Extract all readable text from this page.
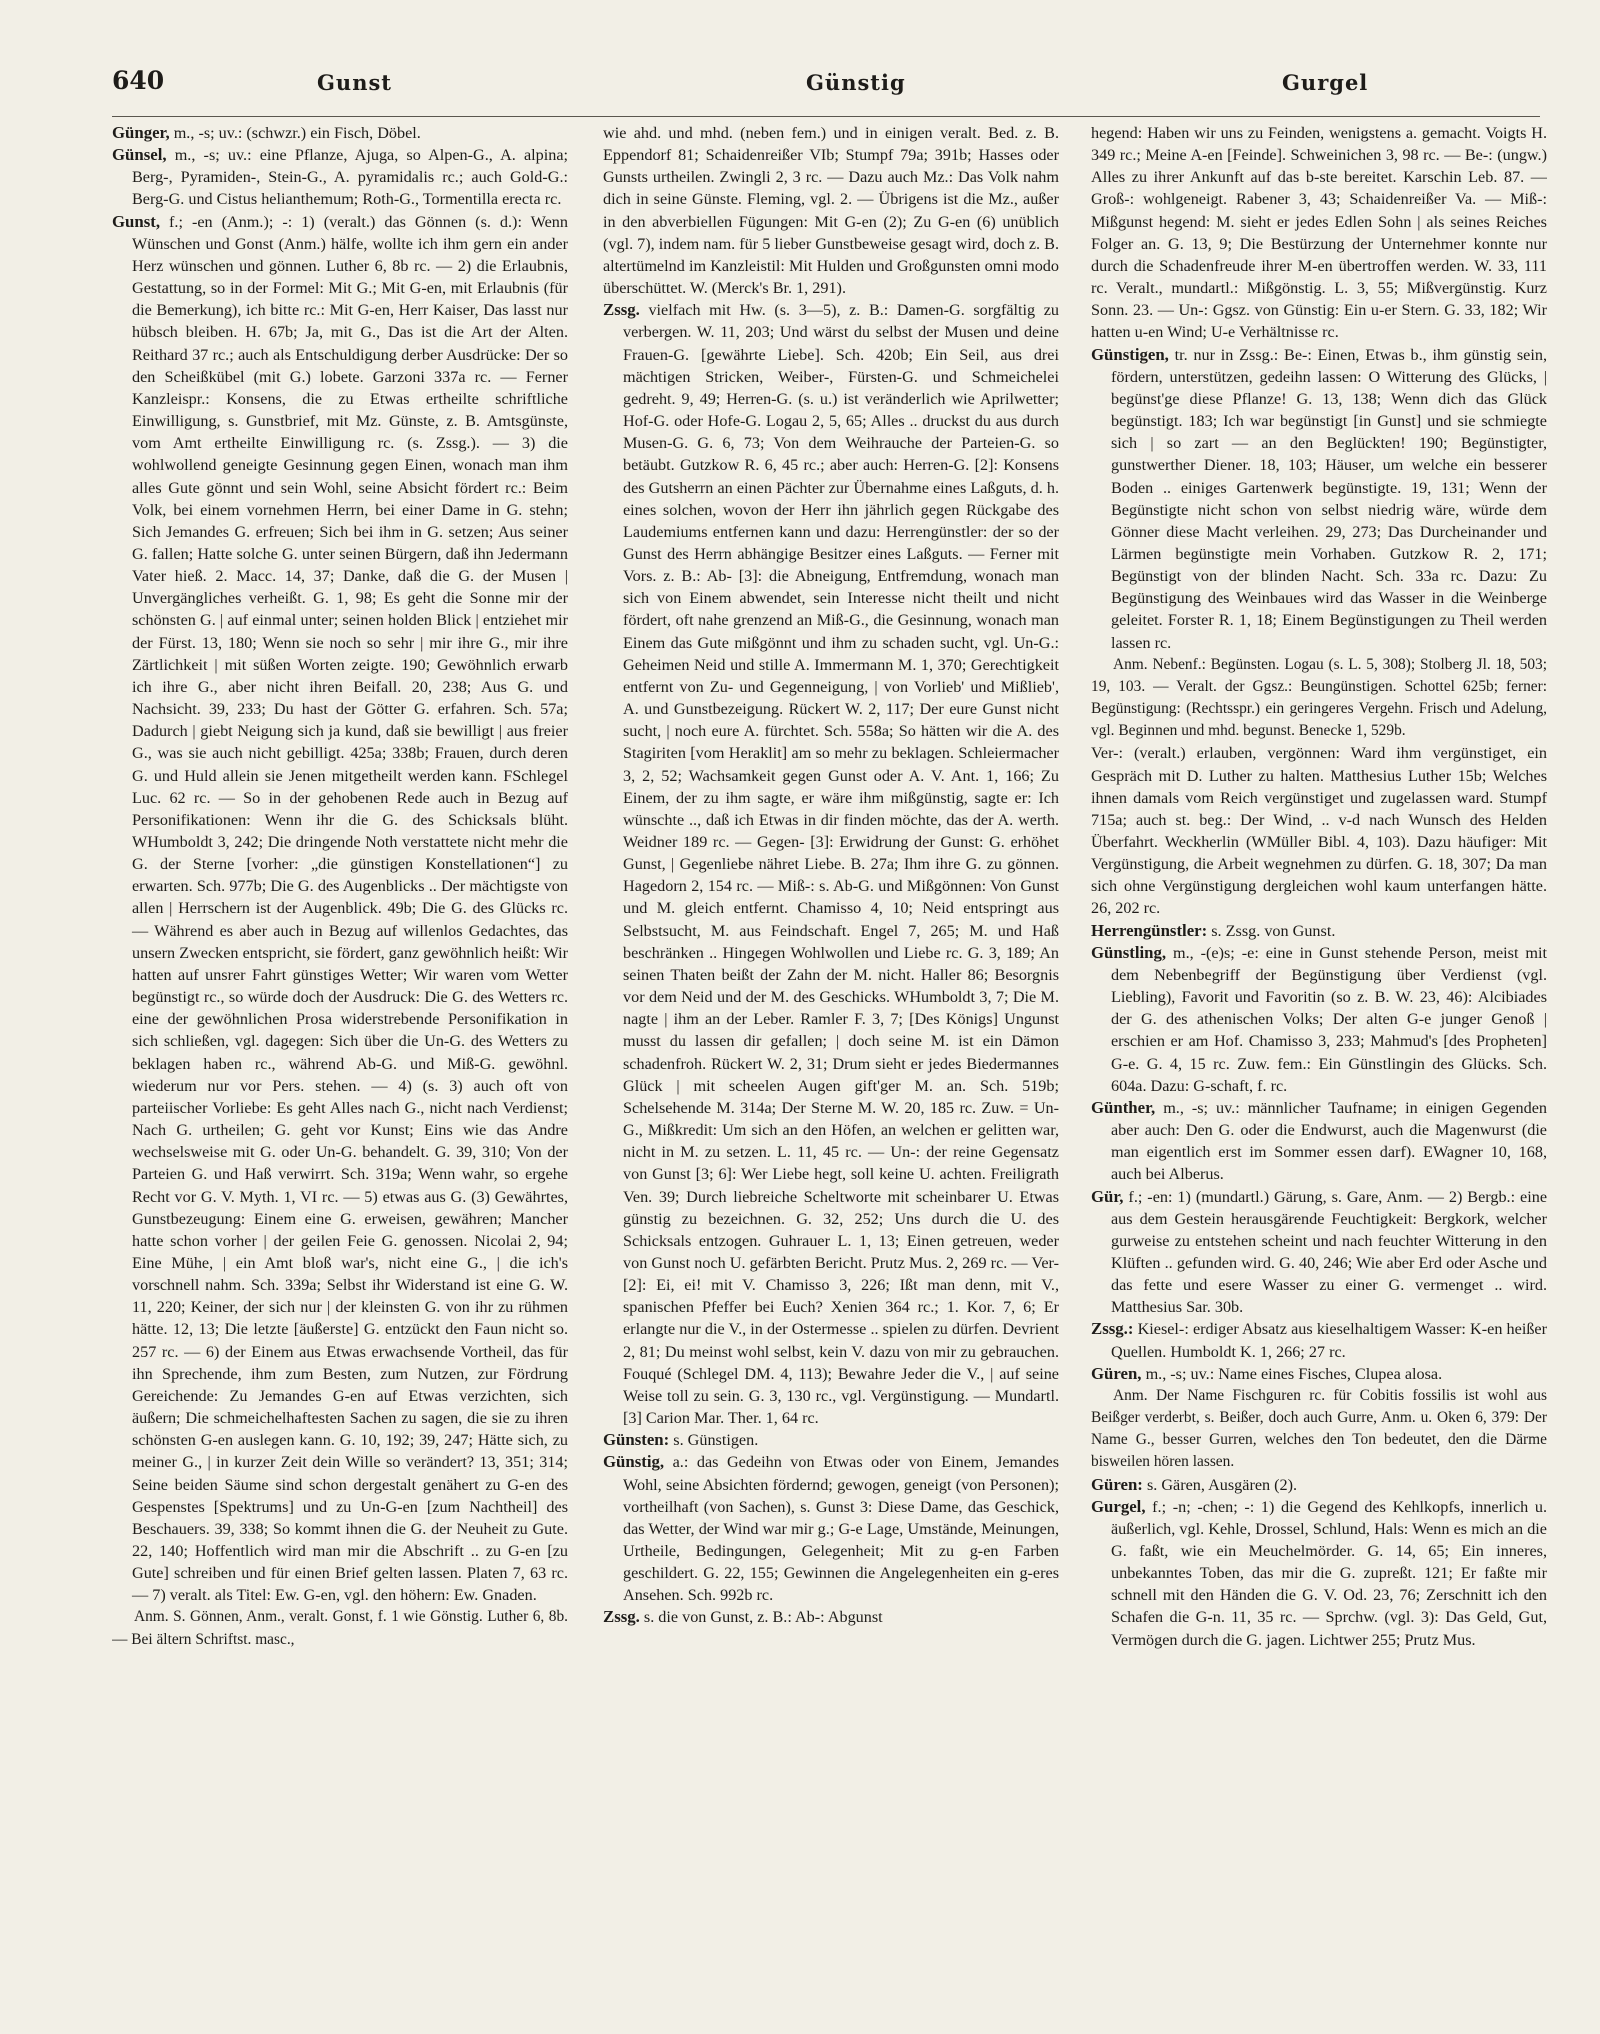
640	Gunst	Günstig	Gurgel

Günger, m., -s; uv.: (schwzr.) ein Fisch, Döbel.

Günsel, m., -s; uv.: eine Pflanze, Ajuga, so Alpen-G., A. alpina; Berg-, Pyramiden-, Stein-G., A. pyramidalis rc.; auch Gold-G.: Berg-G. und Cistus helianthemum; Roth-G., Tormentilla erecta rc.

Gunst, f.; -en (Anm.); -: 1) (veralt.) das Gönnen (s. d.): Wenn Wünschen und Gonst (Anm.) hälfe, wollte ich ihm gern ein ander Herz wünschen und gönnen. Luther 6, 8b rc. — 2) die Erlaubnis, Gestattung, so in der Formel: Mit G.; Mit G-en, mit Erlaubnis (für die Bemerkung), ich bitte rc.: Mit G-en, Herr Kaiser, Das lasst nur hübsch bleiben. H. 67b; Ja, mit G., Das ist die Art der Alten. Reithard 37 rc.; auch als Entschuldigung derber Ausdrücke: Der so den Scheißkübel (mit G.) lobete. Garzoni 337a rc. — Ferner Kanzleispr.: Konsens, die zu Etwas ertheilte schriftliche Einwilligung, s. Gunstbrief, mit Mz. Günste, z. B. Amtsgünste, vom Amt ertheilte Einwilligung rc. (s. Zssg.). — 3) die wohlwollend geneigte Gesinnung gegen Einen, wonach man ihm alles Gute gönnt und sein Wohl, seine Absicht fördert rc.: Beim Volk, bei einem vornehmen Herrn, bei einer Dame in G. stehn; Sich Jemandes G. erfreuen; Sich bei ihm in G. setzen; Aus seiner G. fallen; Hatte solche G. unter seinen Bürgern, daß ihn Jedermann Vater hieß. 2. Macc. 14, 37; Danke, daß die G. der Musen | Unvergängliches verheißt. G. 1, 98; Es geht die Sonne mir der schönsten G. | auf einmal unter; seinen holden Blick | entziehet mir der Fürst. 13, 180; Wenn sie noch so sehr | mir ihre G., mir ihre Zärtlichkeit | mit süßen Worten zeigte. 190; Gewöhnlich erwarb ich ihre G., aber nicht ihren Beifall. 20, 238; Aus G. und Nachsicht. 39, 233; Du hast der Götter G. erfahren. Sch. 57a; Dadurch | giebt Neigung sich ja kund, daß sie bewilligt | aus freier G., was sie auch nicht gebilligt. 425a; 338b; Frauen, durch deren G. und Huld allein sie Jenen mitgetheilt werden kann. FSchlegel Luc. 62 rc. — So in der gehobenen Rede auch in Bezug auf Personifikationen: Wenn ihr die G. des Schicksals blüht. WHumboldt 3, 242; Die dringende Noth verstattete nicht mehr die G. der Sterne [vorher: „die günstigen Konstellationen“] zu erwarten. Sch. 977b; Die G. des Augenblicks .. Der mächtigste von allen | Herrschern ist der Augenblick. 49b; Die G. des Glücks rc. — Während es aber auch in Bezug auf willenlos Gedachtes, das unsern Zwecken entspricht, sie fördert, ganz gewöhnlich heißt: Wir hatten auf unsrer Fahrt günstiges Wetter; Wir waren vom Wetter begünstigt rc., so würde doch der Ausdruck: Die G. des Wetters rc. eine der gewöhnlichen Prosa widerstrebende Personifikation in sich schließen, vgl. dagegen: Sich über die Un-G. des Wetters zu beklagen haben rc., während Ab-G. und Miß-G. gewöhnl. wiederum nur vor Pers. stehen. — 4) (s. 3) auch oft von parteiischer Vorliebe: Es geht Alles nach G., nicht nach Verdienst; Nach G. urtheilen; G. geht vor Kunst; Eins wie das Andre wechselsweise mit G. oder Un-G. behandelt. G. 39, 310; Von der Parteien G. und Haß verwirrt. Sch. 319a; Wenn wahr, so ergehe Recht vor G. V. Myth. 1, VI rc. — 5) etwas aus G. (3) Gewährtes, Gunstbezeugung: Einem eine G. erweisen, gewähren; Mancher hatte schon vorher | der geilen Feie G. genossen. Nicolai 2, 94; Eine Mühe, | ein Amt bloß war's, nicht eine G., | die ich's vorschnell nahm. Sch. 339a; Selbst ihr Widerstand ist eine G. W. 11, 220; Keiner, der sich nur | der kleinsten G. von ihr zu rühmen hätte. 12, 13; Die letzte [äußerste] G. entzückt den Faun nicht so. 257 rc. — 6) der Einem aus Etwas erwachsende Vortheil, das für ihn Sprechende, ihm zum Besten, zum Nutzen, zur Fördrung Gereichende: Zu Jemandes G-en auf Etwas verzichten, sich äußern; Die schmeichelhaftesten Sachen zu sagen, die sie zu ihren schönsten G-en auslegen kann. G. 10, 192; 39, 247; Hätte sich, zu meiner G., | in kurzer Zeit dein Wille so verändert? 13, 351; 314; Seine beiden Säume sind schon dergestalt genähert zu G-en des Gespenstes [Spektrums] und zu Un-G-en [zum Nachtheil] des Beschauers. 39, 338; So kommt ihnen die G. der Neuheit zu Gute. 22, 140; Hoffentlich wird man mir die Abschrift .. zu G-en [zu Gute] schreiben und für einen Brief gelten lassen. Platen 7, 63 rc. — 7) veralt. als Titel: Ew. G-en, vgl. den höhern: Ew. Gnaden.

Anm. S. Gönnen, Anm., veralt. Gonst, f. 1 wie Gönstig. Luther 6, 8b. — Bei ältern Schriftst. masc.,

wie ahd. und mhd. (neben fem.) und in einigen veralt. Bed. z. B. Eppendorf 81; Schaidenreißer VIb; Stumpf 79a; 391b; Hasses oder Gunsts urtheilen. Zwingli 2, 3 rc. — Dazu auch Mz.: Das Volk nahm dich in seine Günste. Fleming, vgl. 2. — Übrigens ist die Mz., außer in den abverbiellen Fügungen: Mit G-en (2); Zu G-en (6) unüblich (vgl. 7), indem nam. für 5 lieber Gunstbeweise gesagt wird, doch z. B. altertümelnd im Kanzleistil: Mit Hulden und Großgunsten omni modo überschüttet. W. (Merck's Br. 1, 291).

Zssg. vielfach mit Hw. (s. 3—5), z. B.: Damen-G. sorgfältig zu verbergen. W. 11, 203; Und wärst du selbst der Musen und deine Frauen-G. [gewährte Liebe]. Sch. 420b; Ein Seil, aus drei mächtigen Stricken, Weiber-, Fürsten-G. und Schmeichelei gedreht. 9, 49; Herren-G. (s. u.) ist veränderlich wie Aprilwetter; Hof-G. oder Hofe-G. Logau 2, 5, 65; Alles .. druckst du aus durch Musen-G. G. 6, 73; Von dem Weihrauche der Parteien-G. so betäubt. Gutzkow R. 6, 45 rc.; aber auch: Herren-G. [2]: Konsens des Gutsherrn an einen Pächter zur Übernahme eines Laßguts, d. h. eines solchen, wovon der Herr ihn jährlich gegen Rückgabe des Laudemiums entfernen kann und dazu: Herrengünstler: der so der Gunst des Herrn abhängige Besitzer eines Laßguts. — Ferner mit Vors. z. B.: Ab- [3]: die Abneigung, Entfremdung, wonach man sich von Einem abwendet, sein Interesse nicht theilt und nicht fördert, oft nahe grenzend an Miß-G., die Gesinnung, wonach man Einem das Gute mißgönnt und ihm zu schaden sucht, vgl. Un-G.: Geheimen Neid und stille A. Immermann M. 1, 370; Gerechtigkeit entfernt von Zu- und Gegenneigung, | von Vorlieb' und Mißlieb', A. und Gunstbezeigung. Rückert W. 2, 117; Der eure Gunst nicht sucht, | noch eure A. fürchtet. Sch. 558a; So hätten wir die A. des Stagiriten [vom Heraklit] am so mehr zu beklagen. Schleiermacher 3, 2, 52; Wachsamkeit gegen Gunst oder A. V. Ant. 1, 166; Zu Einem, der zu ihm sagte, er wäre ihm mißgünstig, sagte er: Ich wünschte .., daß ich Etwas in dir finden möchte, das der A. werth. Weidner 189 rc. — Gegen- [3]: Erwidrung der Gunst: G. erhöhet Gunst, | Gegenliebe nähret Liebe. B. 27a; Ihm ihre G. zu gönnen. Hagedorn 2, 154 rc. — Miß-: s. Ab-G. und Mißgönnen: Von Gunst und M. gleich entfernt. Chamisso 4, 10; Neid entspringt aus Selbstsucht, M. aus Feindschaft. Engel 7, 265; M. und Haß beschränken .. Hingegen Wohlwollen und Liebe rc. G. 3, 189; An seinen Thaten beißt der Zahn der M. nicht. Haller 86; Besorgnis vor dem Neid und der M. des Geschicks. WHumboldt 3, 7; Die M. nagte | ihm an der Leber. Ramler F. 3, 7; [Des Königs] Ungunst musst du lassen dir gefallen; | doch seine M. ist ein Dämon schadenfroh. Rückert W. 2, 31; Drum sieht er jedes Biedermannes Glück | mit scheelen Augen gift'ger M. an. Sch. 519b; Schelsehende M. 314a; Der Sterne M. W. 20, 185 rc. Zuw. = Un-G., Mißkredit: Um sich an den Höfen, an welchen er gelitten war, nicht in M. zu setzen. L. 11, 45 rc. — Un-: der reine Gegensatz von Gunst [3; 6]: Wer Liebe hegt, soll keine U. achten. Freiligrath Ven. 39; Durch liebreiche Scheltworte mit scheinbarer U. Etwas günstig zu bezeichnen. G. 32, 252; Uns durch die U. des Schicksals entzogen. Guhrauer L. 1, 13; Einen getreuen, weder von Gunst noch U. gefärbten Bericht. Prutz Mus. 2, 269 rc. — Ver- [2]: Ei, ei! mit V. Chamisso 3, 226; Ißt man denn, mit V., spanischen Pfeffer bei Euch? Xenien 364 rc.; 1. Kor. 7, 6; Er erlangte nur die V., in der Ostermesse .. spielen zu dürfen. Devrient 2, 81; Du meinst wohl selbst, kein V. dazu von mir zu gebrauchen. Fouqué (Schlegel DM. 4, 113); Bewahre Jeder die V., | auf seine Weise toll zu sein. G. 3, 130 rc., vgl. Vergünstigung. — Mundartl. [3] Carion Mar. Ther. 1, 64 rc.

Günsten: s. Günstigen.

Günstig, a.: das Gedeihn von Etwas oder von Einem, Jemandes Wohl, seine Absichten fördernd; gewogen, geneigt (von Personen); vortheilhaft (von Sachen), s. Gunst 3: Diese Dame, das Geschick, das Wetter, der Wind war mir g.; G-e Lage, Umstände, Meinungen, Urtheile, Bedingungen, Gelegenheit; Mit zu g-en Farben geschildert. G. 22, 155; Gewinnen die Angelegenheiten ein g-eres Ansehen. Sch. 992b rc.

Zssg. s. die von Gunst, z. B.: Ab-: Abgunst

hegend: Haben wir uns zu Feinden, wenigstens a. gemacht. Voigts H. 349 rc.; Meine A-en [Feinde]. Schweinichen 3, 98 rc. — Be-: (ungw.) Alles zu ihrer Ankunft auf das b-ste bereitet. Karschin Leb. 87. — Groß-: wohlgeneigt. Rabener 3, 43; Schaidenreißer Va. — Miß-: Mißgunst hegend: M. sieht er jedes Edlen Sohn | als seines Reiches Folger an. G. 13, 9; Die Bestürzung der Unternehmer konnte nur durch die Schadenfreude ihrer M-en übertroffen werden. W. 33, 111 rc. Veralt., mundartl.: Mißgönstig. L. 3, 55; Mißvergünstig. Kurz Sonn. 23. — Un-: Ggsz. von Günstig: Ein u-er Stern. G. 33, 182; Wir hatten u-en Wind; U-e Verhältnisse rc.

Günstigen, tr. nur in Zssg.: Be-: Einen, Etwas b., ihm günstig sein, fördern, unterstützen, gedeihn lassen: O Witterung des Glücks, | begünst'ge diese Pflanze! G. 13, 138; Wenn dich das Glück begünstigt. 183; Ich war begünstigt [in Gunst] und sie schmiegte sich | so zart — an den Beglückten! 190; Begünstigter, gunstwerther Diener. 18, 103; Häuser, um welche ein besserer Boden .. einiges Gartenwerk begünstigte. 19, 131; Wenn der Begünstigte nicht schon von selbst niedrig wäre, würde dem Gönner diese Macht verleihen. 29, 273; Das Durcheinander und Lärmen begünstigte mein Vorhaben. Gutzkow R. 2, 171; Begünstigt von der blinden Nacht. Sch. 33a rc. Dazu: Zu Begünstigung des Weinbaues wird das Wasser in die Weinberge geleitet. Forster R. 1, 18; Einem Begünstigungen zu Theil werden lassen rc.

Anm. Nebenf.: Begünsten. Logau (s. L. 5, 308); Stolberg Jl. 18, 503; 19, 103. — Veralt. der Ggsz.: Beungünstigen. Schottel 625b; ferner: Begünstigung: (Rechtsspr.) ein geringeres Vergehn. Frisch und Adelung, vgl. Beginnen und mhd. begunst. Benecke 1, 529b.

Ver-: (veralt.) erlauben, vergönnen: Ward ihm vergünstiget, ein Gespräch mit D. Luther zu halten. Matthesius Luther 15b; Welches ihnen damals vom Reich vergünstiget und zugelassen ward. Stumpf 715a; auch st. beg.: Der Wind, .. v-d nach Wunsch des Helden Überfahrt. Weckherlin (WMüller Bibl. 4, 103). Dazu häufiger: Mit Vergünstigung, die Arbeit wegnehmen zu dürfen. G. 18, 307; Da man sich ohne Vergünstigung dergleichen wohl kaum unterfangen hätte. 26, 202 rc.

Herrengünstler: s. Zssg. von Gunst.

Günstling, m., -(e)s; -e: eine in Gunst stehende Person, meist mit dem Nebenbegriff der Begünstigung über Verdienst (vgl. Liebling), Favorit und Favoritin (so z. B. W. 23, 46): Alcibiades der G. des athenischen Volks; Der alten G-e junger Genoß | erschien er am Hof. Chamisso 3, 233; Mahmud's [des Propheten] G-e. G. 4, 15 rc. Zuw. fem.: Ein Günstlingin des Glücks. Sch. 604a. Dazu: G-schaft, f. rc.

Günther, m., -s; uv.: männlicher Taufname; in einigen Gegenden aber auch: Den G. oder die Endwurst, auch die Magenwurst (die man eigentlich erst im Sommer essen darf). EWagner 10, 168, auch bei Alberus.

Gür, f.; -en: 1) (mundartl.) Gärung, s. Gare, Anm. — 2) Bergb.: eine aus dem Gestein herausgärende Feuchtigkeit: Bergkork, welcher gurweise zu entstehen scheint und nach feuchter Witterung in den Klüften .. gefunden wird. G. 40, 246; Wie aber Erd oder Asche und das fette und esere Wasser zu einer G. vermenget .. wird. Matthesius Sar. 30b.

Zssg.: Kiesel-: erdiger Absatz aus kieselhaltigem Wasser: K-en heißer Quellen. Humboldt K. 1, 266; 27 rc.

Güren, m., -s; uv.: Name eines Fisches, Clupea alosa.

Anm. Der Name Fischguren rc. für Cobitis fossilis ist wohl aus Beißger verderbt, s. Beißer, doch auch Gurre, Anm. u. Oken 6, 379: Der Name G., besser Gurren, welches den Ton bedeutet, den die Därme bisweilen hören lassen.

Güren: s. Gären, Ausgären (2).

Gurgel, f.; -n; -chen; -: 1) die Gegend des Kehlkopfs, innerlich u. äußerlich, vgl. Kehle, Drossel, Schlund, Hals: Wenn es mich an die G. faßt, wie ein Meuchelmörder. G. 14, 65; Ein inneres, unbekanntes Toben, das mir die G. zupreßt. 121; Er faßte mir schnell mit den Händen die G. V. Od. 23, 76; Zerschnitt ich den Schafen die G-n. 11, 35 rc. — Sprchw. (vgl. 3): Das Geld, Gut, Vermögen durch die G. jagen. Lichtwer 255; Prutz Mus.
